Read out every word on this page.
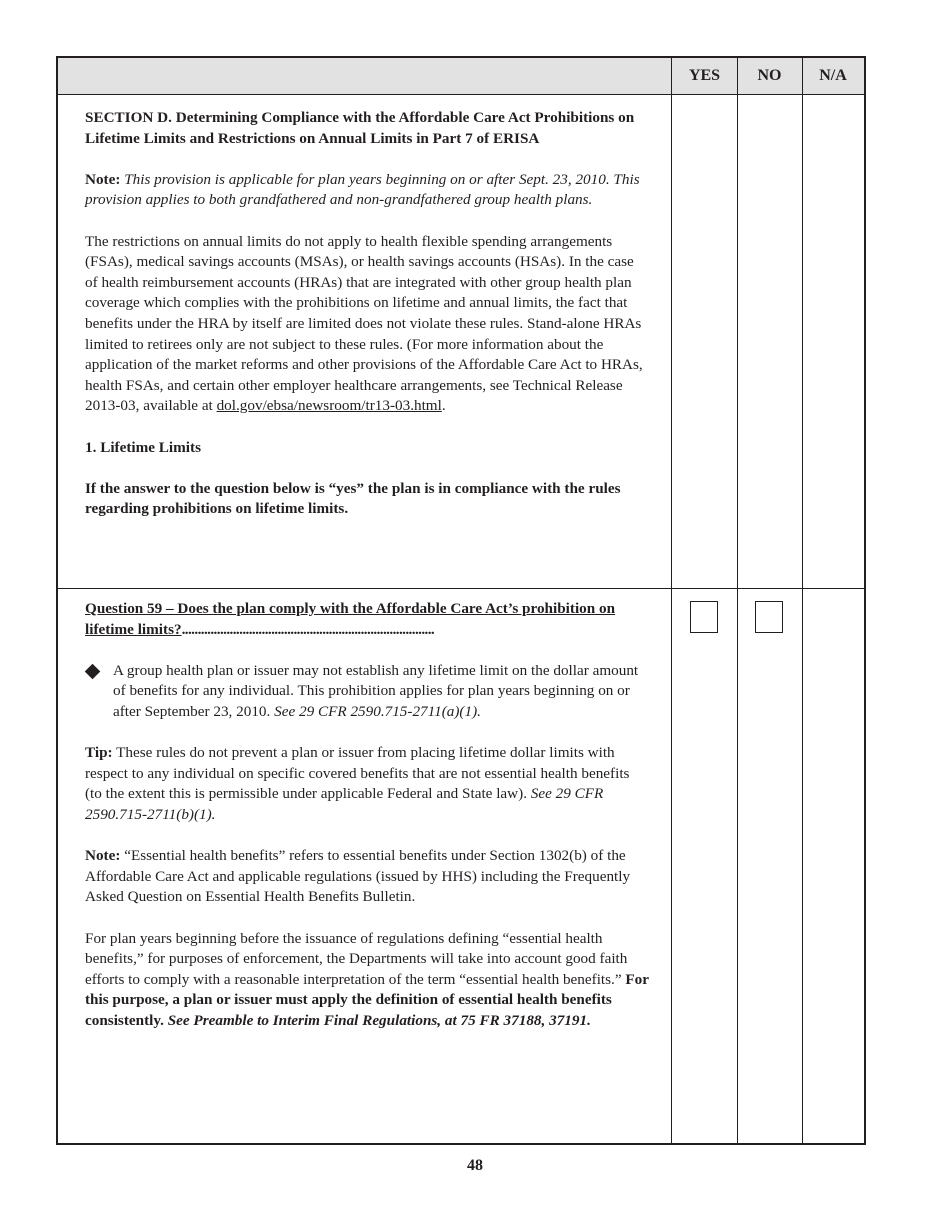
YES	NO	N/A

SECTION D. Determining Compliance with the Affordable Care Act Prohibitions on Lifetime Limits and Restrictions on Annual Limits in Part 7 of ERISA

Note: This provision is applicable for plan years beginning on or after Sept. 23, 2010. This provision applies to both grandfathered and non-grandfathered group health plans.

The restrictions on annual limits do not apply to health flexible spending arrangements (FSAs), medical savings accounts (MSAs), or health savings accounts (HSAs). In the case of health reimbursement accounts (HRAs) that are integrated with other group health plan coverage which complies with the prohibitions on lifetime and annual limits, the fact that benefits under the HRA by itself are limited does not violate these rules. Stand-alone HRAs limited to retirees only are not subject to these rules. (For more information about the application of the market reforms and other provisions of the Affordable Care Act to HRAs, health FSAs, and certain other employer healthcare arrangements, see Technical Release 2013-03, available at dol.gov/ebsa/newsroom/tr13-03.html.

1. Lifetime Limits

If the answer to the question below is “yes” the plan is in compliance with the rules regarding prohibitions on lifetime limits.

Question 59 – Does the plan comply with the Affordable Care Act’s prohibition on lifetime limits?...............................................................................

A group health plan or issuer may not establish any lifetime limit on the dollar amount of benefits for any individual. This prohibition applies for plan years beginning on or after September 23, 2010. See 29 CFR 2590.715-2711(a)(1).

Tip: These rules do not prevent a plan or issuer from placing lifetime dollar limits with respect to any individual on specific covered benefits that are not essential health benefits (to the extent this is permissible under applicable Federal and State law). See 29 CFR 2590.715-2711(b)(1).

Note: “Essential health benefits” refers to essential benefits under Section 1302(b) of the Affordable Care Act and applicable regulations (issued by HHS) including the Frequently Asked Question on Essential Health Benefits Bulletin.

For plan years beginning before the issuance of regulations defining “essential health benefits,” for purposes of enforcement, the Departments will take into account good faith efforts to comply with a reasonable interpretation of the term “essential health benefits.” For this purpose, a plan or issuer must apply the definition of essential health benefits consistently. See Preamble to Interim Final Regulations, at 75 FR 37188, 37191.

48
